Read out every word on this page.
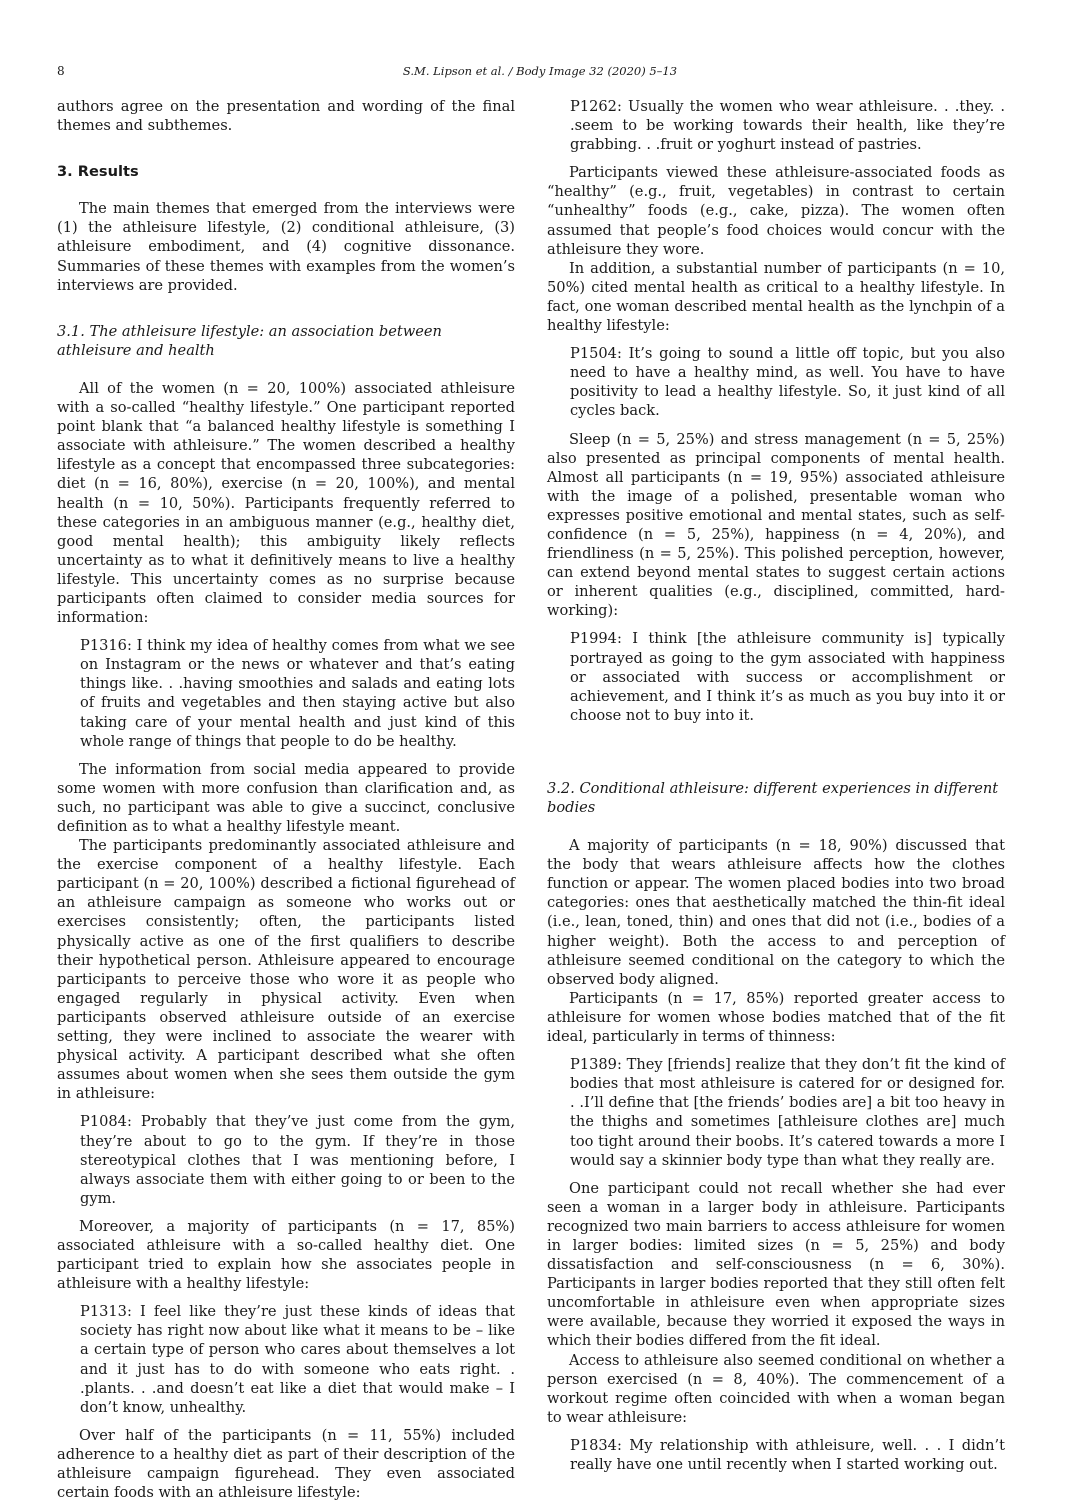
8	S.M. Lipson et al. / Body Image 32 (2020) 5–13

authors agree on the presentation and wording of the final themes and subthemes.

3. Results

The main themes that emerged from the interviews were (1) the athleisure lifestyle, (2) conditional athleisure, (3) athleisure embodiment, and (4) cognitive dissonance. Summaries of these themes with examples from the women’s interviews are provided.

3.1. The athleisure lifestyle: an association between athleisure and health

All of the women (n = 20, 100%) associated athleisure with a so-called “healthy lifestyle.” One participant reported point blank that “a balanced healthy lifestyle is something I associate with athleisure.” The women described a healthy lifestyle as a concept that encompassed three subcategories: diet (n = 16, 80%), exercise (n = 20, 100%), and mental health (n = 10, 50%). Participants frequently referred to these categories in an ambiguous manner (e.g., healthy diet, good mental health); this ambiguity likely reflects uncertainty as to what it definitively means to live a healthy lifestyle. This uncertainty comes as no surprise because participants often claimed to consider media sources for information:

P1316: I think my idea of healthy comes from what we see on Instagram or the news or whatever and that’s eating things like. . .having smoothies and salads and eating lots of fruits and vegetables and then staying active but also taking care of your mental health and just kind of this whole range of things that people to do be healthy.

The information from social media appeared to provide some women with more confusion than clarification and, as such, no participant was able to give a succinct, conclusive definition as to what a healthy lifestyle meant.

The participants predominantly associated athleisure and the exercise component of a healthy lifestyle. Each participant (n = 20, 100%) described a fictional figurehead of an athleisure campaign as someone who works out or exercises consistently; often, the participants listed physically active as one of the first qualifiers to describe their hypothetical person. Athleisure appeared to encourage participants to perceive those who wore it as people who engaged regularly in physical activity. Even when participants observed athleisure outside of an exercise setting, they were inclined to associate the wearer with physical activity. A participant described what she often assumes about women when she sees them outside the gym in athleisure:

P1084: Probably that they’ve just come from the gym, they’re about to go to the gym. If they’re in those stereotypical clothes that I was mentioning before, I always associate them with either going to or been to the gym.

Moreover, a majority of participants (n = 17, 85%) associated athleisure with a so-called healthy diet. One participant tried to explain how she associates people in athleisure with a healthy lifestyle:

P1313: I feel like they’re just these kinds of ideas that society has right now about like what it means to be – like a certain type of person who cares about themselves a lot and it just has to do with someone who eats right. . .plants. . .and doesn’t eat like a diet that would make – I don’t know, unhealthy.

Over half of the participants (n = 11, 55%) included adherence to a healthy diet as part of their description of the athleisure campaign figurehead. They even associated certain foods with an athleisure lifestyle:

P1262: Usually the women who wear athleisure. . .they. . .seem to be working towards their health, like they’re grabbing. . .fruit or yoghurt instead of pastries.

Participants viewed these athleisure-associated foods as “healthy” (e.g., fruit, vegetables) in contrast to certain “unhealthy” foods (e.g., cake, pizza). The women often assumed that people’s food choices would concur with the athleisure they wore.

In addition, a substantial number of participants (n = 10, 50%) cited mental health as critical to a healthy lifestyle. In fact, one woman described mental health as the lynchpin of a healthy lifestyle:

P1504: It’s going to sound a little off topic, but you also need to have a healthy mind, as well. You have to have positivity to lead a healthy lifestyle. So, it just kind of all cycles back.

Sleep (n = 5, 25%) and stress management (n = 5, 25%) also presented as principal components of mental health. Almost all participants (n = 19, 95%) associated athleisure with the image of a polished, presentable woman who expresses positive emotional and mental states, such as self-confidence (n = 5, 25%), happiness (n = 4, 20%), and friendliness (n = 5, 25%). This polished perception, however, can extend beyond mental states to suggest certain actions or inherent qualities (e.g., disciplined, committed, hard-working):

P1994: I think [the athleisure community is] typically portrayed as going to the gym associated with happiness or associated with success or accomplishment or achievement, and I think it’s as much as you buy into it or choose not to buy into it.

3.2. Conditional athleisure: different experiences in different bodies

A majority of participants (n = 18, 90%) discussed that the body that wears athleisure affects how the clothes function or appear. The women placed bodies into two broad categories: ones that aesthetically matched the thin-fit ideal (i.e., lean, toned, thin) and ones that did not (i.e., bodies of a higher weight). Both the access to and perception of athleisure seemed conditional on the category to which the observed body aligned.

Participants (n = 17, 85%) reported greater access to athleisure for women whose bodies matched that of the fit ideal, particularly in terms of thinness:

P1389: They [friends] realize that they don’t fit the kind of bodies that most athleisure is catered for or designed for. . .I’ll define that [the friends’ bodies are] a bit too heavy in the thighs and sometimes [athleisure clothes are] much too tight around their boobs. It’s catered towards a more I would say a skinnier body type than what they really are.

One participant could not recall whether she had ever seen a woman in a larger body in athleisure. Participants recognized two main barriers to access athleisure for women in larger bodies: limited sizes (n = 5, 25%) and body dissatisfaction and self-consciousness (n = 6, 30%). Participants in larger bodies reported that they still often felt uncomfortable in athleisure even when appropriate sizes were available, because they worried it exposed the ways in which their bodies differed from the fit ideal.

Access to athleisure also seemed conditional on whether a person exercised (n = 8, 40%). The commencement of a workout regime often coincided with when a woman began to wear athleisure:

P1834: My relationship with athleisure, well. . . I didn’t really have one until recently when I started working out.
